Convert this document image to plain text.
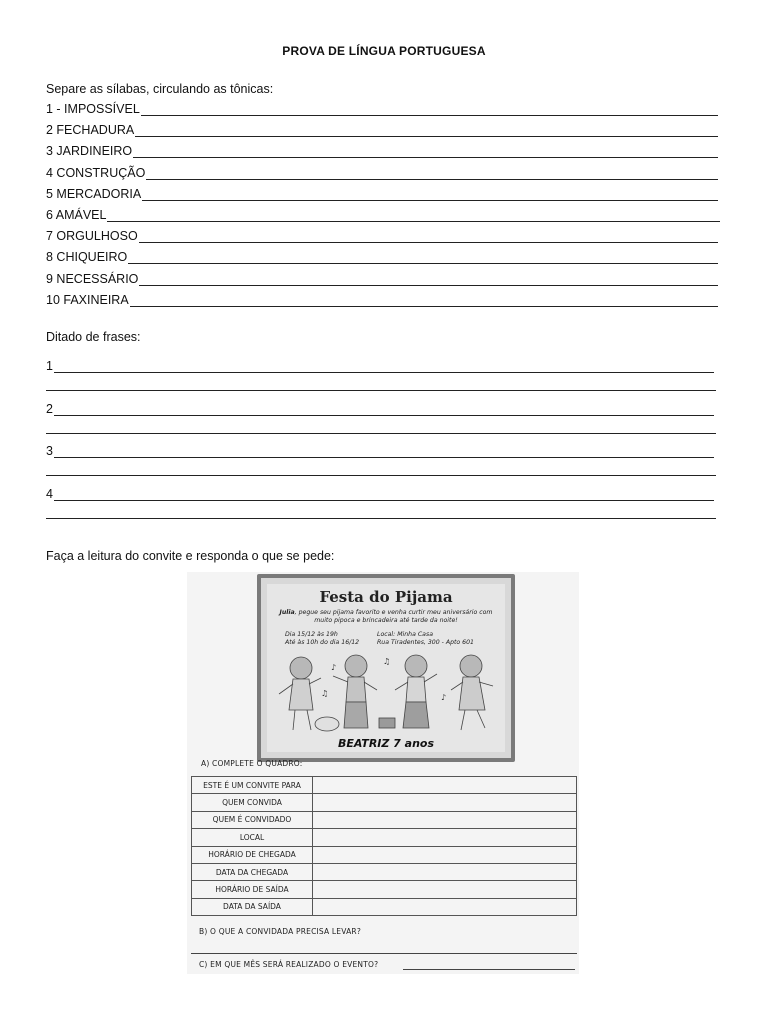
PROVA DE LÍNGUA PORTUGUESA
Separe as sílabas, circulando as tônicas:
1 - IMPOSSÍVEL
2 FECHADURA
3 JARDINEIRO
4 CONSTRUÇÃO
5 MERCADORIA
6 AMÁVEL
7 ORGULHOSO
8 CHIQUEIRO
9 NECESSÁRIO
10 FAXINEIRA
Ditado de frases:
1
2
3
4
Faça a leitura do convite e responda o que se pede:
Festa do Pijama
Julia, pegue seu pijama favorito e venha curtir meu aniversário com muito pipoca e brincadeira até tarde da noite!
Dia 15/12 às 19h
Até às 10h do dia 16/12
Local: Minha Casa
Rua Tiradentes, 300 - Apto 601
♪
♫
♪
♫
BEATRIZ 7 anos
A) COMPLETE O QUADRO:
ESTE É UM CONVITE PARA	
QUEM CONVIDA	
QUEM É CONVIDADO	
LOCAL	
HORÁRIO DE CHEGADA	
DATA DA CHEGADA	
HORÁRIO DE SAÍDA	
DATA DA SAÍDA	
B) O QUE A CONVIDADA PRECISA LEVAR?
C) EM QUE MÊS SERÁ REALIZADO O EVENTO?
